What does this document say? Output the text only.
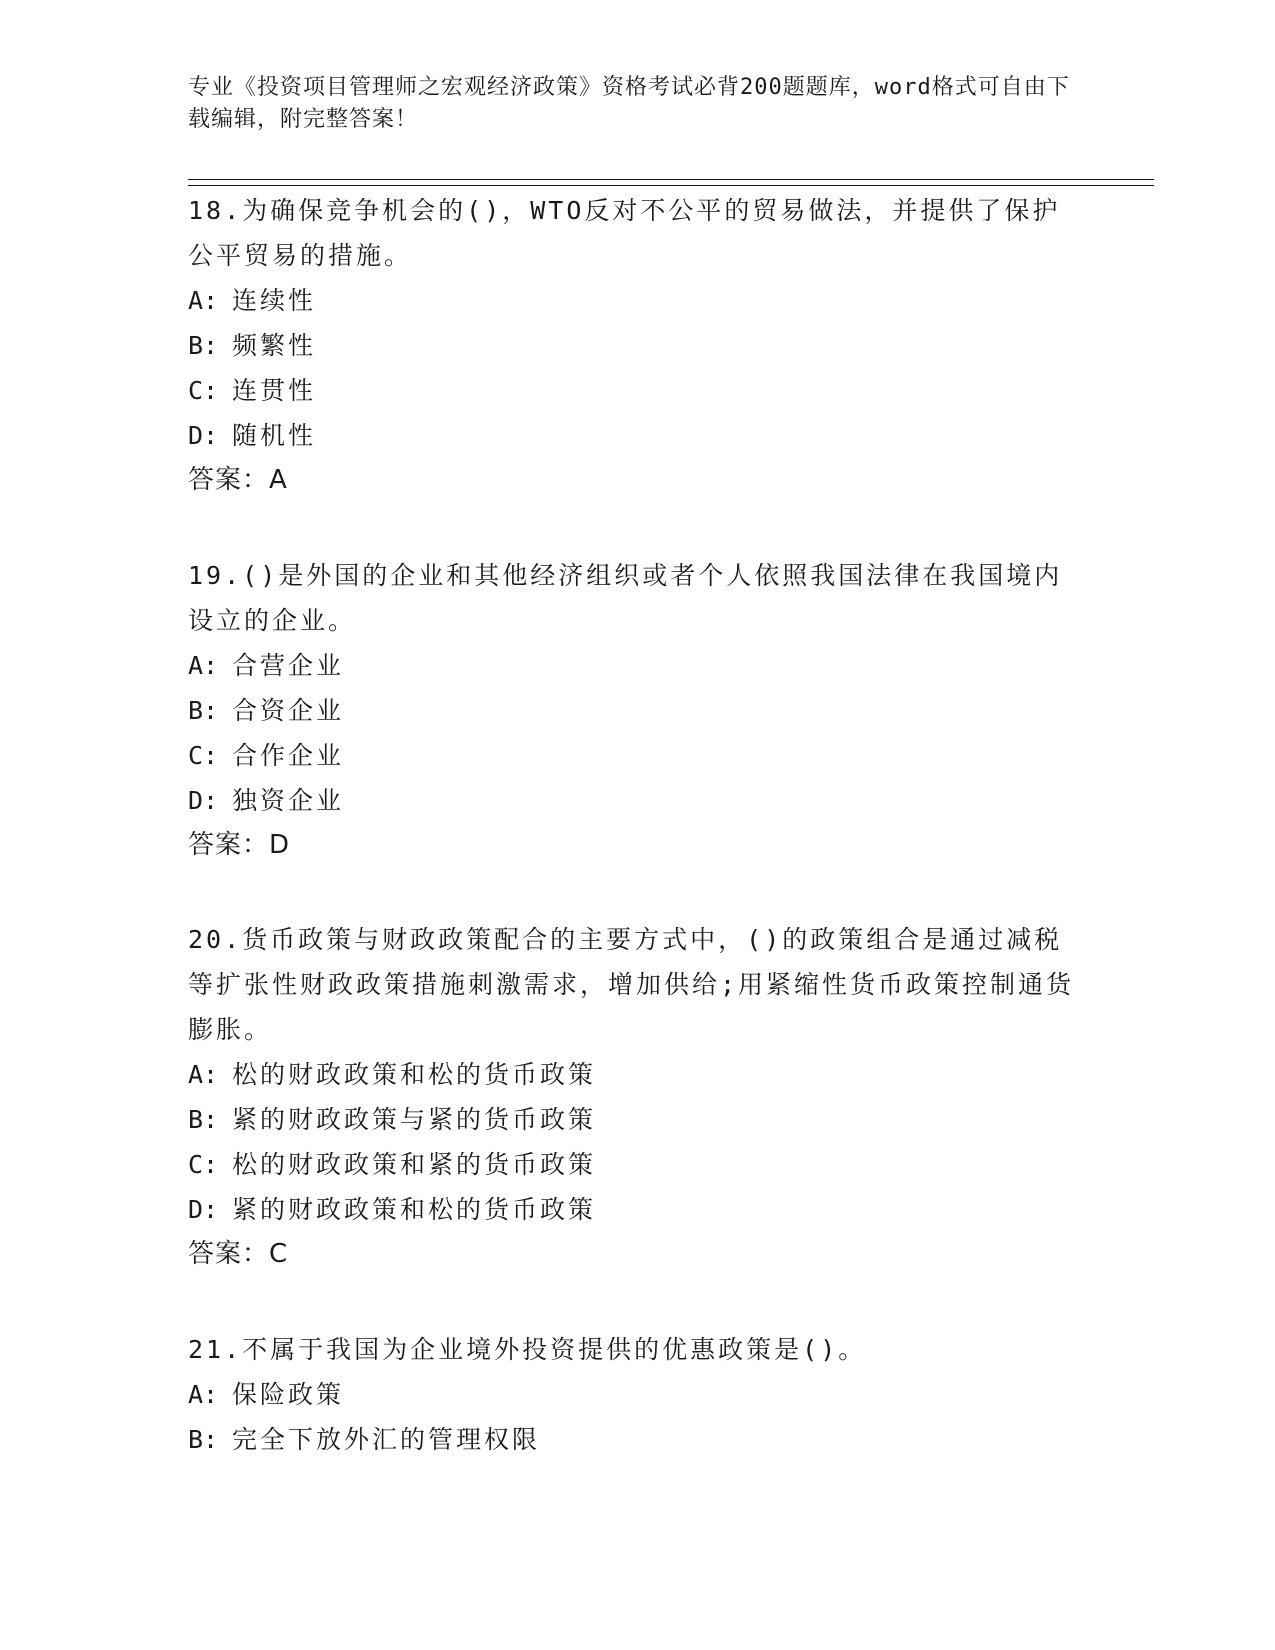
专业《投资项目管理师之宏观经济政策》资格考试必背200题题库，word格式可自由下载编辑，附完整答案！
18.为确保竞争机会的()，WTO反对不公平的贸易做法，并提供了保护公平贸易的措施。
A: 连续性
B: 频繁性
C: 连贯性
D: 随机性
答案：A
19.()是外国的企业和其他经济组织或者个人依照我国法律在我国境内设立的企业。
A: 合营企业
B: 合资企业
C: 合作企业
D: 独资企业
答案：D
20.货币政策与财政政策配合的主要方式中，()的政策组合是通过减税等扩张性财政政策措施刺激需求，增加供给;用紧缩性货币政策控制通货膨胀。
A: 松的财政政策和松的货币政策
B: 紧的财政政策与紧的货币政策
C: 松的财政政策和紧的货币政策
D: 紧的财政政策和松的货币政策
答案：C
21.不属于我国为企业境外投资提供的优惠政策是()。
A: 保险政策
B: 完全下放外汇的管理权限
